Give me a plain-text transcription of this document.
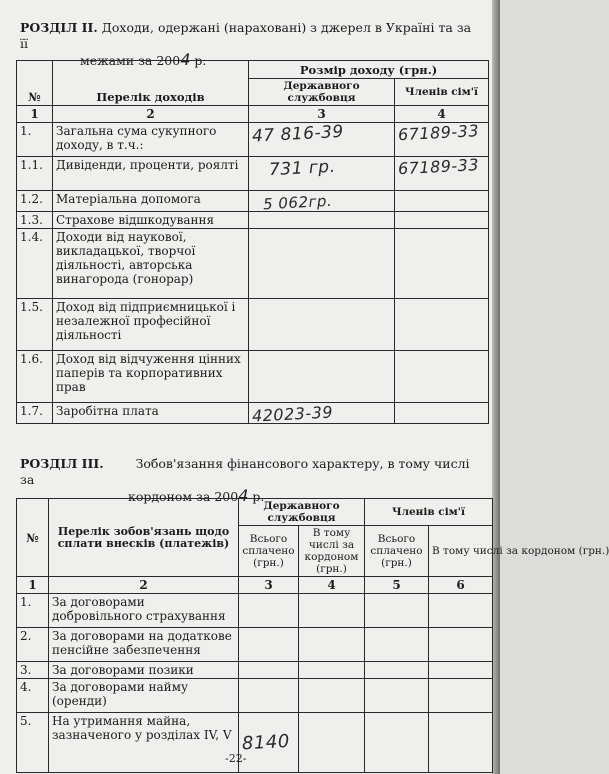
РОЗДІЛ ІІ. Доходи, одержані (нараховані) з джерел в Україні та за її
межами за 2004 р.
№	Перелік доходів	Розмір доходу (грн.)	
		Державного службовця	Членів сім'ї
1	2	3	4
1.	Загальна сума сукупного доходу, в т.ч.:	47 816-39	67189-33

1.1.	Дивіденди, проценти, роялті	731 гр.	67189-33

1.2.	Матеріальна допомога	5 062гр.	

1.3.	Страхове відшкодування		
1.4.	Доходи від наукової, викладацької, творчої діяльності, авторська винагорода (гонорар)		
1.5.	Доход від підприємницької і незалежної професійної діяльності		
1.6.	Доход від відчуження цінних паперів та корпоративних прав		
1.7.	Заробітна плата	42023-39	

РОЗДІЛ ІІІ.	Зобов'язання фінансового характеру, в тому числі за
кордоном за 2004 р.
№	Перелік зобов'язань щодо сплати внесків (платежів)	Державного службовця		Членів сім'ї	
		Всього сплачено (грн.)	В тому числі за кордоном (грн.)	Всього сплачено (грн.)	В тому числі за кордоном (грн.)
1	2	3	4	5	6
1.	За договорами добровільного страхування				
2.	За договорами на додаткове пенсійне забезпечення				
3.	За договорами позики				
4.	За договорами найму (оренди)				
5.	На утримання майна, зазначеного у розділах IV, V	8140			

-22-
